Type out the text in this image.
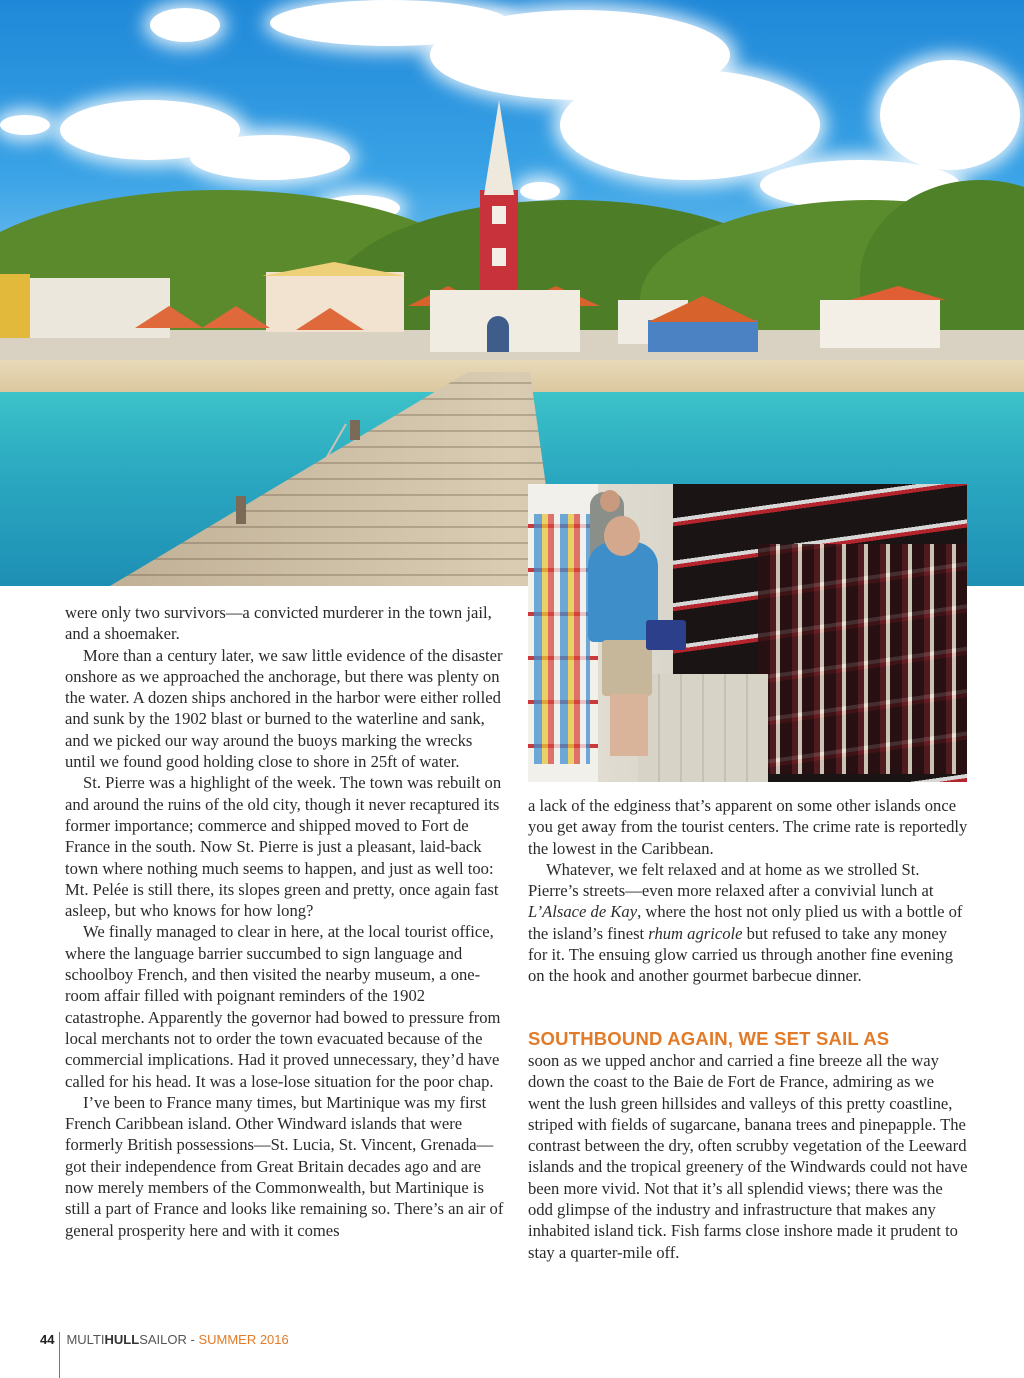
were only two survivors—a convicted murderer in the town jail, and a shoemaker.

More than a century later, we saw little evidence of the disaster onshore as we approached the anchorage, but there was plenty on the water. A dozen ships anchored in the harbor were either rolled and sunk by the 1902 blast or burned to the waterline and sank, and we picked our way around the buoys marking the wrecks until we found good holding close to shore in 25ft of water.

St. Pierre was a highlight of the week. The town was rebuilt on and around the ruins of the old city, though it never recaptured its former importance; commerce and shipped moved to Fort de France in the south. Now St. Pierre is just a pleasant, laid-back town where nothing much seems to happen, and just as well too: Mt. Pelée is still there, its slopes green and pretty, once again fast asleep, but who knows for how long?

We finally managed to clear in here, at the local tourist office, where the language barrier succumbed to sign language and schoolboy French, and then visited the nearby museum, a one-room affair filled with poignant reminders of the 1902 catastrophe. Apparently the governor had bowed to pressure from local merchants not to order the town evacuated because of the commercial implications. Had it proved unnecessary, they’d have called for his head. It was a lose-lose situation for the poor chap.

I’ve been to France many times, but Martinique was my first French Caribbean island. Other Windward islands that were formerly British possessions—St. Lucia, St. Vincent, Grenada—got their independence from Great Britain decades ago and are now merely members of the Commonwealth, but Martinique is still a part of France and looks like remaining so. There’s an air of general prosperity here and with it comes

a lack of the edginess that’s apparent on some other islands once you get away from the tourist centers. The crime rate is reportedly the lowest in the Caribbean.

Whatever, we felt relaxed and at home as we strolled St. Pierre’s streets—even more relaxed after a convivial lunch at L’Alsace de Kay, where the host not only plied us with a bottle of the island’s finest rhum agricole but refused to take any money for it. The ensuing glow carried us through another fine evening on the hook and another gourmet barbecue dinner.

SOUTHBOUND AGAIN, WE SET SAIL AS

soon as we upped anchor and carried a fine breeze all the way down the coast to the Baie de Fort de France, admiring as we went the lush green hillsides and valleys of this pretty coastline, striped with fields of sugarcane, banana trees and pinepapple. The contrast between the dry, often scrubby vegetation of the Leeward islands and the tropical greenery of the Windwards could not have been more vivid. Not that it’s all splendid views; there was the odd glimpse of the industry and infrastructure that makes any inhabited island tick. Fish farms close inshore made it prudent to stay a quarter-mile off.

44 MULTIHULLSAILOR - SUMMER 2016
